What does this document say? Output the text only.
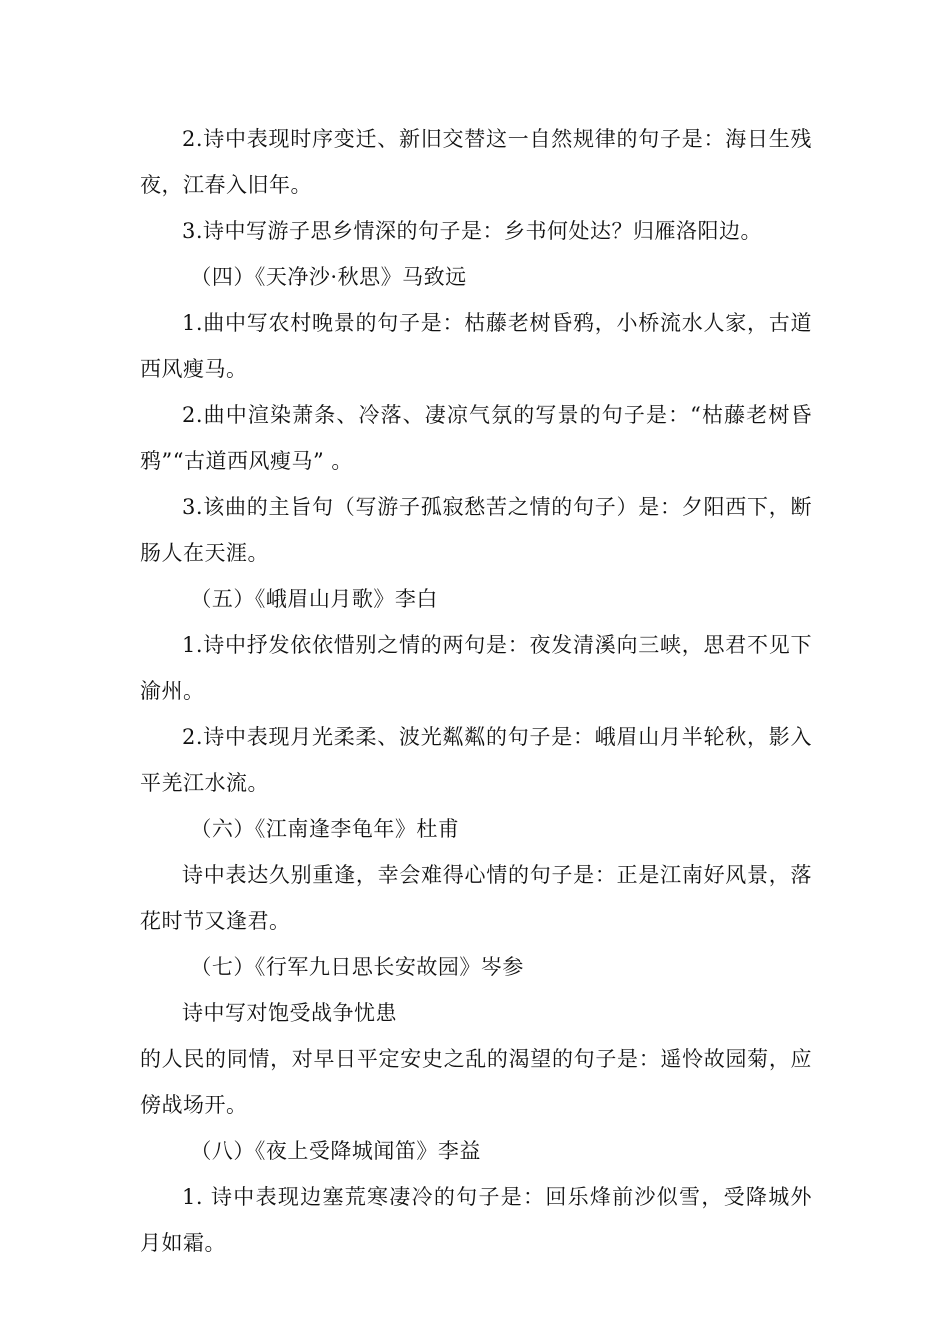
2.诗中表现时序变迁、新旧交替这一自然规律的句子是：海日生残夜，江春入旧年。

3.诗中写游子思乡情深的句子是：乡书何处达？归雁洛阳边。

（四）《天净沙·秋思》马致远

1.曲中写农村晚景的句子是：枯藤老树昏鸦，小桥流水人家，古道西风瘦马。

2.曲中渲染萧条、冷落、凄凉气氛的写景的句子是：“枯藤老树昏鸦”“古道西风瘦马” 。

3.该曲的主旨句（写游子孤寂愁苦之情的句子）是：夕阳西下，断肠人在天涯。

（五）《峨眉山月歌》李白

1.诗中抒发依依惜别之情的两句是：夜发清溪向三峡，思君不见下渝州。

2.诗中表现月光柔柔、波光粼粼的句子是：峨眉山月半轮秋，影入平羌江水流。

（六）《江南逢李龟年》杜甫

诗中表达久别重逢，幸会难得心情的句子是：正是江南好风景，落花时节又逢君。

（七）《行军九日思长安故园》岑参

诗中写对饱受战争忧患

的人民的同情，对早日平定安史之乱的渴望的句子是：遥怜故园菊，应傍战场开。

（八）《夜上受降城闻笛》李益

1. 诗中表现边塞荒寒凄冷的句子是：回乐烽前沙似雪，受降城外月如霜。
